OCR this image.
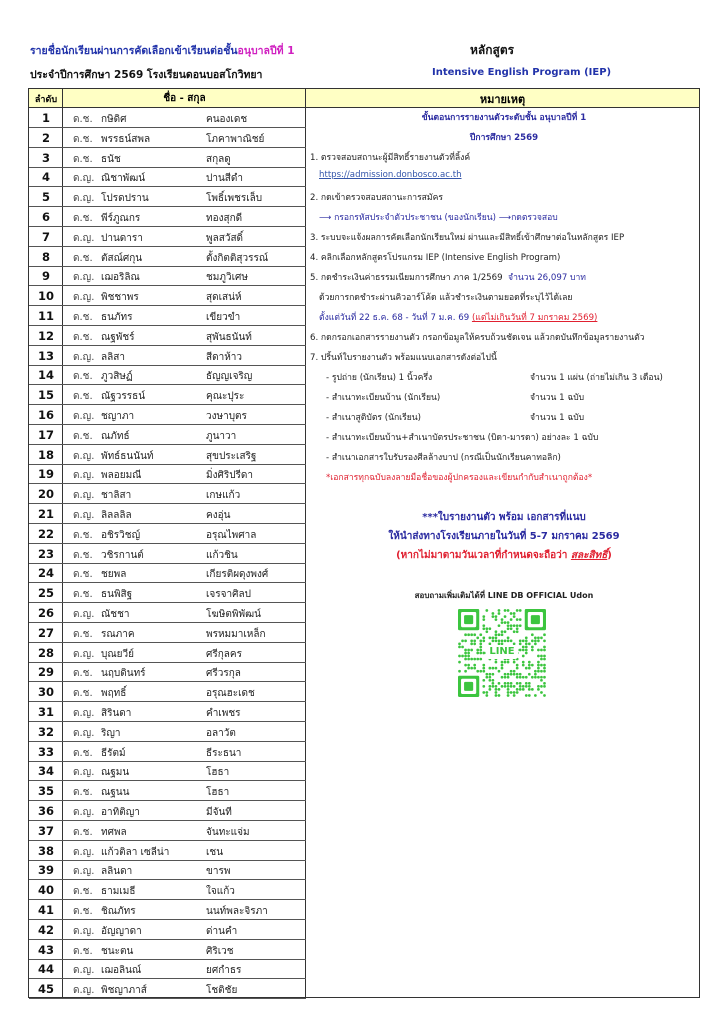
รายชื่อนักเรียนผ่านการคัดเลือกเข้าเรียนต่อชั้นอนุบาลปีที่ 1
ประจำปีการศึกษา 2569 โรงเรียนดอนบอสโกวิทยา
หลักสูตร
Intensive English Program (IEP)
ลำดับ	ชื่อ - สกุล	หมายเหตุ
1	ด.ช. กษิดิศ	คนองเดช
2	ด.ช. พรรธน์สพล	โภคาพาณิชย์
3	ด.ช. ธนัช	สกุลดู
4	ด.ญ. ณิชาพัฒน์	ปานสีดำ
5	ด.ญ. โปรดปราน	โพธิ์เพชรเล็บ
6	ด.ช. พีร์ภูณกร	ทองสุกดี
7	ด.ญ. ปานดารา	พูลสวัสดิ์
8	ด.ช. ตัสณ์ศกุน	ตั้งกิตติสุวรรณ์
9	ด.ญ. เฌอริลิณ	ชมภูวิเศษ
10	ด.ญ. พิชชาพร	สุดเสน่ห์
11	ด.ช. ธนภัทร	เขียวขำ
12	ด.ช. ณฐพัชร์	สุพันธนันท์
13	ด.ญ. ลลิสา	สีดาห้าว
14	ด.ช. ภูวสิษฏ์	ธัญญเจริญ
15	ด.ช. ณัฐวรรธน์	คุณะปุระ
16	ด.ญ. ชญาภา	วงษาบุตร
17	ด.ช. ณภัทธ์	ภูนาวา
18	ด.ญ. พัทธ์ธนนันท์	สุขประเสริฐ
19	ด.ญ. พลอยมณี	มิ่งศิริปรีดา
20	ด.ญ. ชาลิสา	เกษแก้ว
21	ด.ญ. ลิลลลิล	คงอุ่น
22	ด.ช. อชิรวิชญ์	อรุณไพศาล
23	ด.ช. วชิรกานต์	แก้วชิน
24	ด.ช. ชยพล	เกียรติผดุงพงศ์
25	ด.ช. ธนพิสิฐ	เจรจาศิลป
26	ด.ญ. ณัชชา	โฆษิตพิพัฒน์
27	ด.ช. รณภาค	พรหมมาเหล็ก
28	ด.ญ. บุณยวีย์	ศรีกุลคร
29	ด.ช. นฤบดินทร์	ศรีวรกุล
30	ด.ช. พฤทธิ์	อรุณฮะเดช
31	ด.ญ. สิรินดา	คำเพชร
32	ด.ญ. ริญา	อลาวัต
33	ด.ช. ธีรัตม์	ธีระธนา
34	ด.ญ. ณฐมน	โฮธา
35	ด.ช. ณฐนน	โฮธา
36	ด.ญ. อาทิติญา	มีจันที
37	ด.ช. ทศพล	จันทะแจ่ม
38	ด.ญ. แก้วติลา เซลีน่า	เชน
39	ด.ญ. ลลินดา	ขารพ
40	ด.ช. ธามเมธี	ใจแก้ว
41	ด.ช. ชิณภัทร	นนท์พละจิรภา
42	ด.ญ. อัญญาดา	ด่านคำ
43	ด.ช. ชนะตน	ศิริเวช
44	ด.ญ. เฌอลินณ์	ยศกำธร
45	ด.ญ. พิชญาภาส์	โชติชัย
ขั้นตอนการรายงานตัวระดับชั้น อนุบาลปีที่ 1
ปีการศึกษา 2569
1. ตรวจสอบสถานะผู้มีสิทธิ์รายงานตัวที่ลิ้งค์
https://admission.donbosco.ac.th
2. กดเข้าตรวจสอบสถานะการสมัคร
⟶ กรอกรหัสประจำตัวประชาชน (ของนักเรียน) ⟶กดตรวจสอบ
3. ระบบจะแจ้งผลการคัดเลือกนักเรียนใหม่ ผ่านและมีสิทธิ์เข้าศึกษาต่อในหลักสูตร IEP
4. คลิกเลือกหลักสูตรโปรแกรม IEP (Intensive English Program)
5. กดชำระเงินค่าธรรมเนียมการศึกษา ภาค 1/2569 จำนวน 26,097 บาท
ด้วยการกดชำระผ่านคิวอาร์โค้ด แล้วชำระเงินตามยอดที่ระบุไว้ได้เลย
ตั้งแต่วันที่ 22 ธ.ค. 68 - วันที่ 7 ม.ค. 69 (แต่ไม่เกินวันที่ 7 มกราคม 2569)
6. กดกรอกเอกสารรายงานตัว กรอกข้อมูลให้ครบถ้วนชัดเจน แล้วกดบันทึกข้อมูลรายงานตัว
7. ปริ้นท์ใบรายงานตัว พร้อมแนบเอกสารดังต่อไปนี้
- รูปถ่าย (นักเรียน) 1 นิ้วครึ่ง	จำนวน 1 แผ่น (ถ่ายไม่เกิน 3 เดือน)
- สำเนาทะเบียนบ้าน (นักเรียน)	จำนวน 1 ฉบับ
- สำเนาสูติบัตร (นักเรียน)	จำนวน 1 ฉบับ
- สำเนาทะเบียนบ้าน+สำเนาบัตรประชาชน (บิดา-มารดา) อย่างละ 1 ฉบับ
- สำเนาเอกสารใบรับรองศีลล้างบาป (กรณีเป็นนักเรียนคาทอลิก)
*เอกสารทุกฉบับลงลายมือชื่อของผู้ปกครองและเขียนกำกับสำเนาถูกต้อง*
***ใบรายงานตัว พร้อม เอกสารที่แนบ
ให้นำส่งทางโรงเรียนภายในวันที่ 5-7 มกราคม 2569
(หากไม่มาตามวันเวลาที่กำหนดจะถือว่า สละสิทธิ์)
สอบถามเพิ่มเติมได้ที่ LINE DB OFFICIAL Udon
LINE
